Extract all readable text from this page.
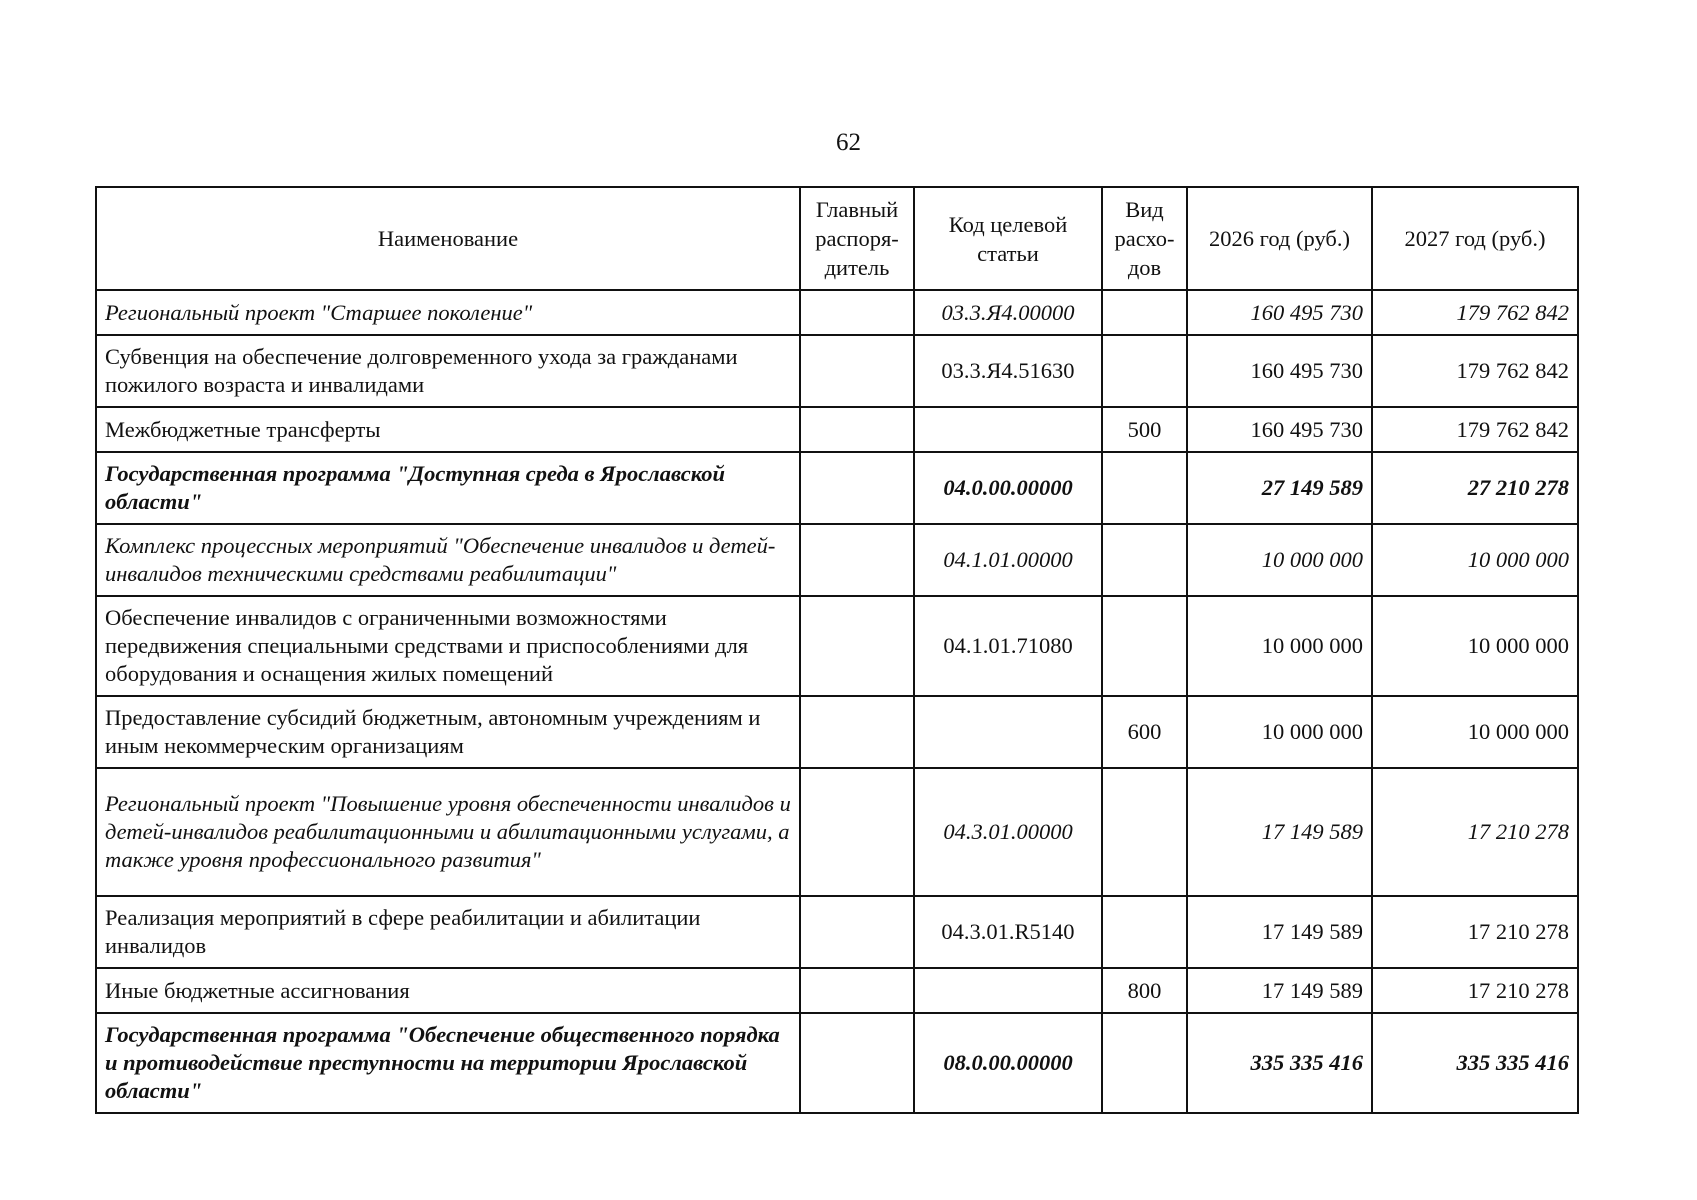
62
Наименование	Главный распоря-дитель	Код целевой статьи	Вид расхо-дов	2026 год (руб.)	2027 год (руб.)
Региональный проект "Старшее поколение"		03.3.Я4.00000		160 495 730	179 762 842
Субвенция на обеспечение долговременного ухода за гражданами пожилого возраста и инвалидами		03.3.Я4.51630		160 495 730	179 762 842
Межбюджетные трансферты			500	160 495 730	179 762 842
Государственная программа "Доступная среда в Ярославской области"		04.0.00.00000		27 149 589	27 210 278
Комплекс процессных мероприятий "Обеспечение инвалидов и детей-инвалидов техническими средствами реабилитации"		04.1.01.00000		10 000 000	10 000 000
Обеспечение инвалидов с ограниченными возможностями передвижения специальными средствами и приспособлениями для оборудования и оснащения жилых помещений		04.1.01.71080		10 000 000	10 000 000
Предоставление субсидий бюджетным, автономным учреждениям и иным некоммерческим организациям			600	10 000 000	10 000 000
Региональный проект "Повышение уровня обеспеченности инвалидов и детей-инвалидов реабилитационными и абилитационными услугами, а также уровня профессионального развития"		04.3.01.00000		17 149 589	17 210 278
Реализация мероприятий в сфере реабилитации и абилитации инвалидов		04.3.01.R5140		17 149 589	17 210 278
Иные бюджетные ассигнования			800	17 149 589	17 210 278
Государственная программа "Обеспечение общественного порядка и противодействие преступности на территории Ярославской области"		08.0.00.00000		335 335 416	335 335 416
